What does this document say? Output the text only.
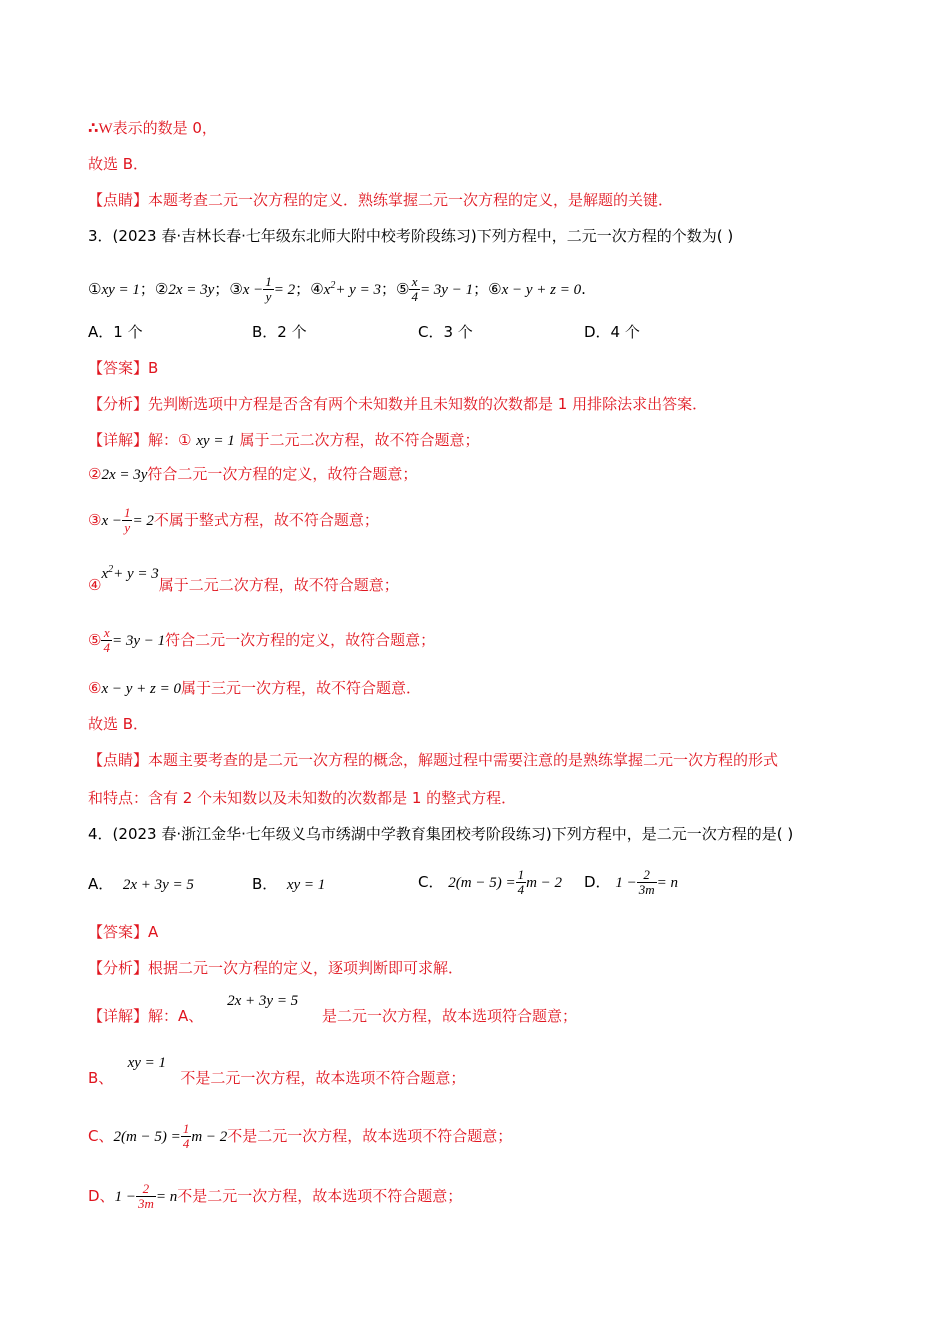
∴W表示的数是 0，
故选 B．
【点睛】本题考查二元一次方程的定义．熟练掌握二元一次方程的定义，是解题的关键．
3．(2023 春·吉林长春·七年级东北师大附中校考阶段练习)下列方程中，二元一次方程的个数为( )
①xy = 1；②2x = 3y；③x − $\frac{1}{y} = 2$；$④x^2+ y = 3$；⑤ $\frac{x}{4} = 3y - 1$；⑥x − y + z = 0.
A．1 个	B．2 个	C．3 个	D．4 个
【答案】B
【分析】先判断选项中方程是否含有两个未知数并且未知数的次数都是 1 用排除法求出答案．
【详解】解：① xy = 1 属于二元二次方程，故不符合题意；
②2x = 3y符合二元一次方程的定义，故符合题意；
③x − $\frac{1}{y} = 2$不属于整式方程，故不符合题意；
$④x^2+ y = 3$属于二元二次方程，故不符合题意；
⑤ $\frac{x}{4} = 3y - 1$符合二元一次方程的定义，故符合题意；
⑥x − y + z = 0属于三元一次方程，故不符合题意．
故选 B．
【点睛】本题主要考查的是二元一次方程的概念，解题过程中需要注意的是熟练掌握二元一次方程的形式
和特点：含有 2 个未知数以及未知数的次数都是 1 的整式方程．
4．(2023 春·浙江金华·七年级义乌市绣湖中学教育集团校考阶段练习)下列方程中，是二元一次方程的是( )
A． 2x + 3y = 5	B． xy = 1	C． $2(m - 5) = \frac{1}{4}$ m − 2 D． $1 - \frac{2}{3m} = n$
【答案】A
【分析】根据二元一次方程的定义，逐项判断即可求解．
【详解】解：A、     2x + 3y = 5     是二元一次方程，故本选项符合题意；
B、   xy = 1   不是二元一次方程，故本选项不符合题意；
C、$2(m - 5) = \frac{1}{4}$ m − 2不是二元一次方程，故本选项不符合题意；
D、$1 - \frac{2}{3m} = n$不是二元一次方程，故本选项不符合题意；
